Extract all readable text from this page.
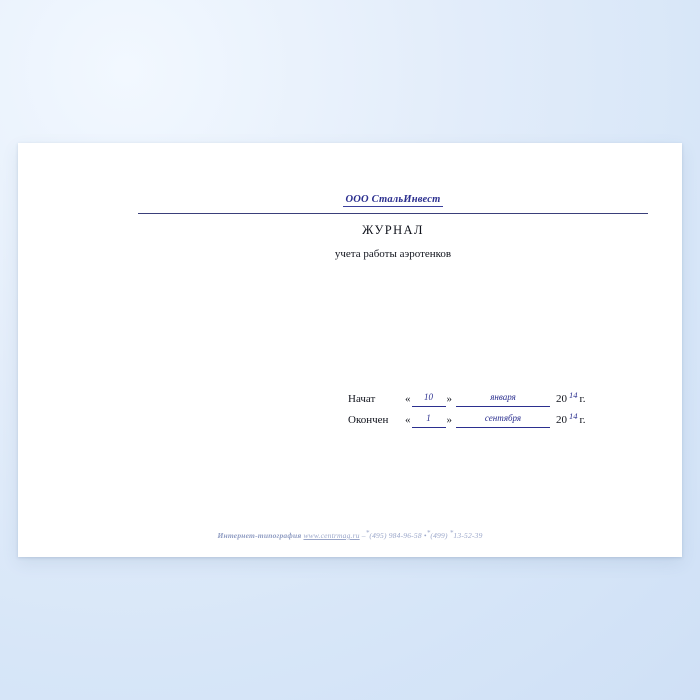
ООО СтальИнвест
ЖУРНАЛ
учета работы аэротенков
Начат	«	10	»	января	20 14 г.
Окончен	«	1	»	сентября	20 14 г.
Интернет-типография www.centrmag.ru –*(495) 984-96-58 •*(499) *13-52-39
